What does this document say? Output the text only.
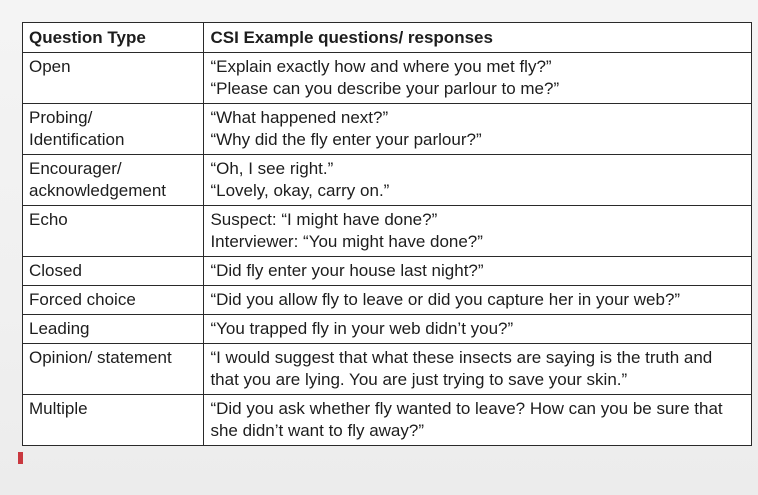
Question Type	CSI Example questions/ responses

Open	“Explain exactly how and where you met fly?”
“Please can you describe your parlour to me?”

Probing/
Identification	“What happened next?”
“Why did the fly enter your parlour?”

Encourager/
acknowledgement	“Oh, I see right.”
“Lovely, okay, carry on.”

Echo	Suspect: “I might have done?”
Interviewer: “You might have done?”

Closed	“Did fly enter your house last night?”

Forced choice	“Did you allow fly to leave or did you capture her in your web?”

Leading	“You trapped fly in your web didn’t you?”

Opinion/ statement	“I would suggest that what these insects are saying is the truth and
that you are lying. You are just trying to save your skin.”

Multiple	“Did you ask whether fly wanted to leave? How can you be sure that
she didn’t want to fly away?”
